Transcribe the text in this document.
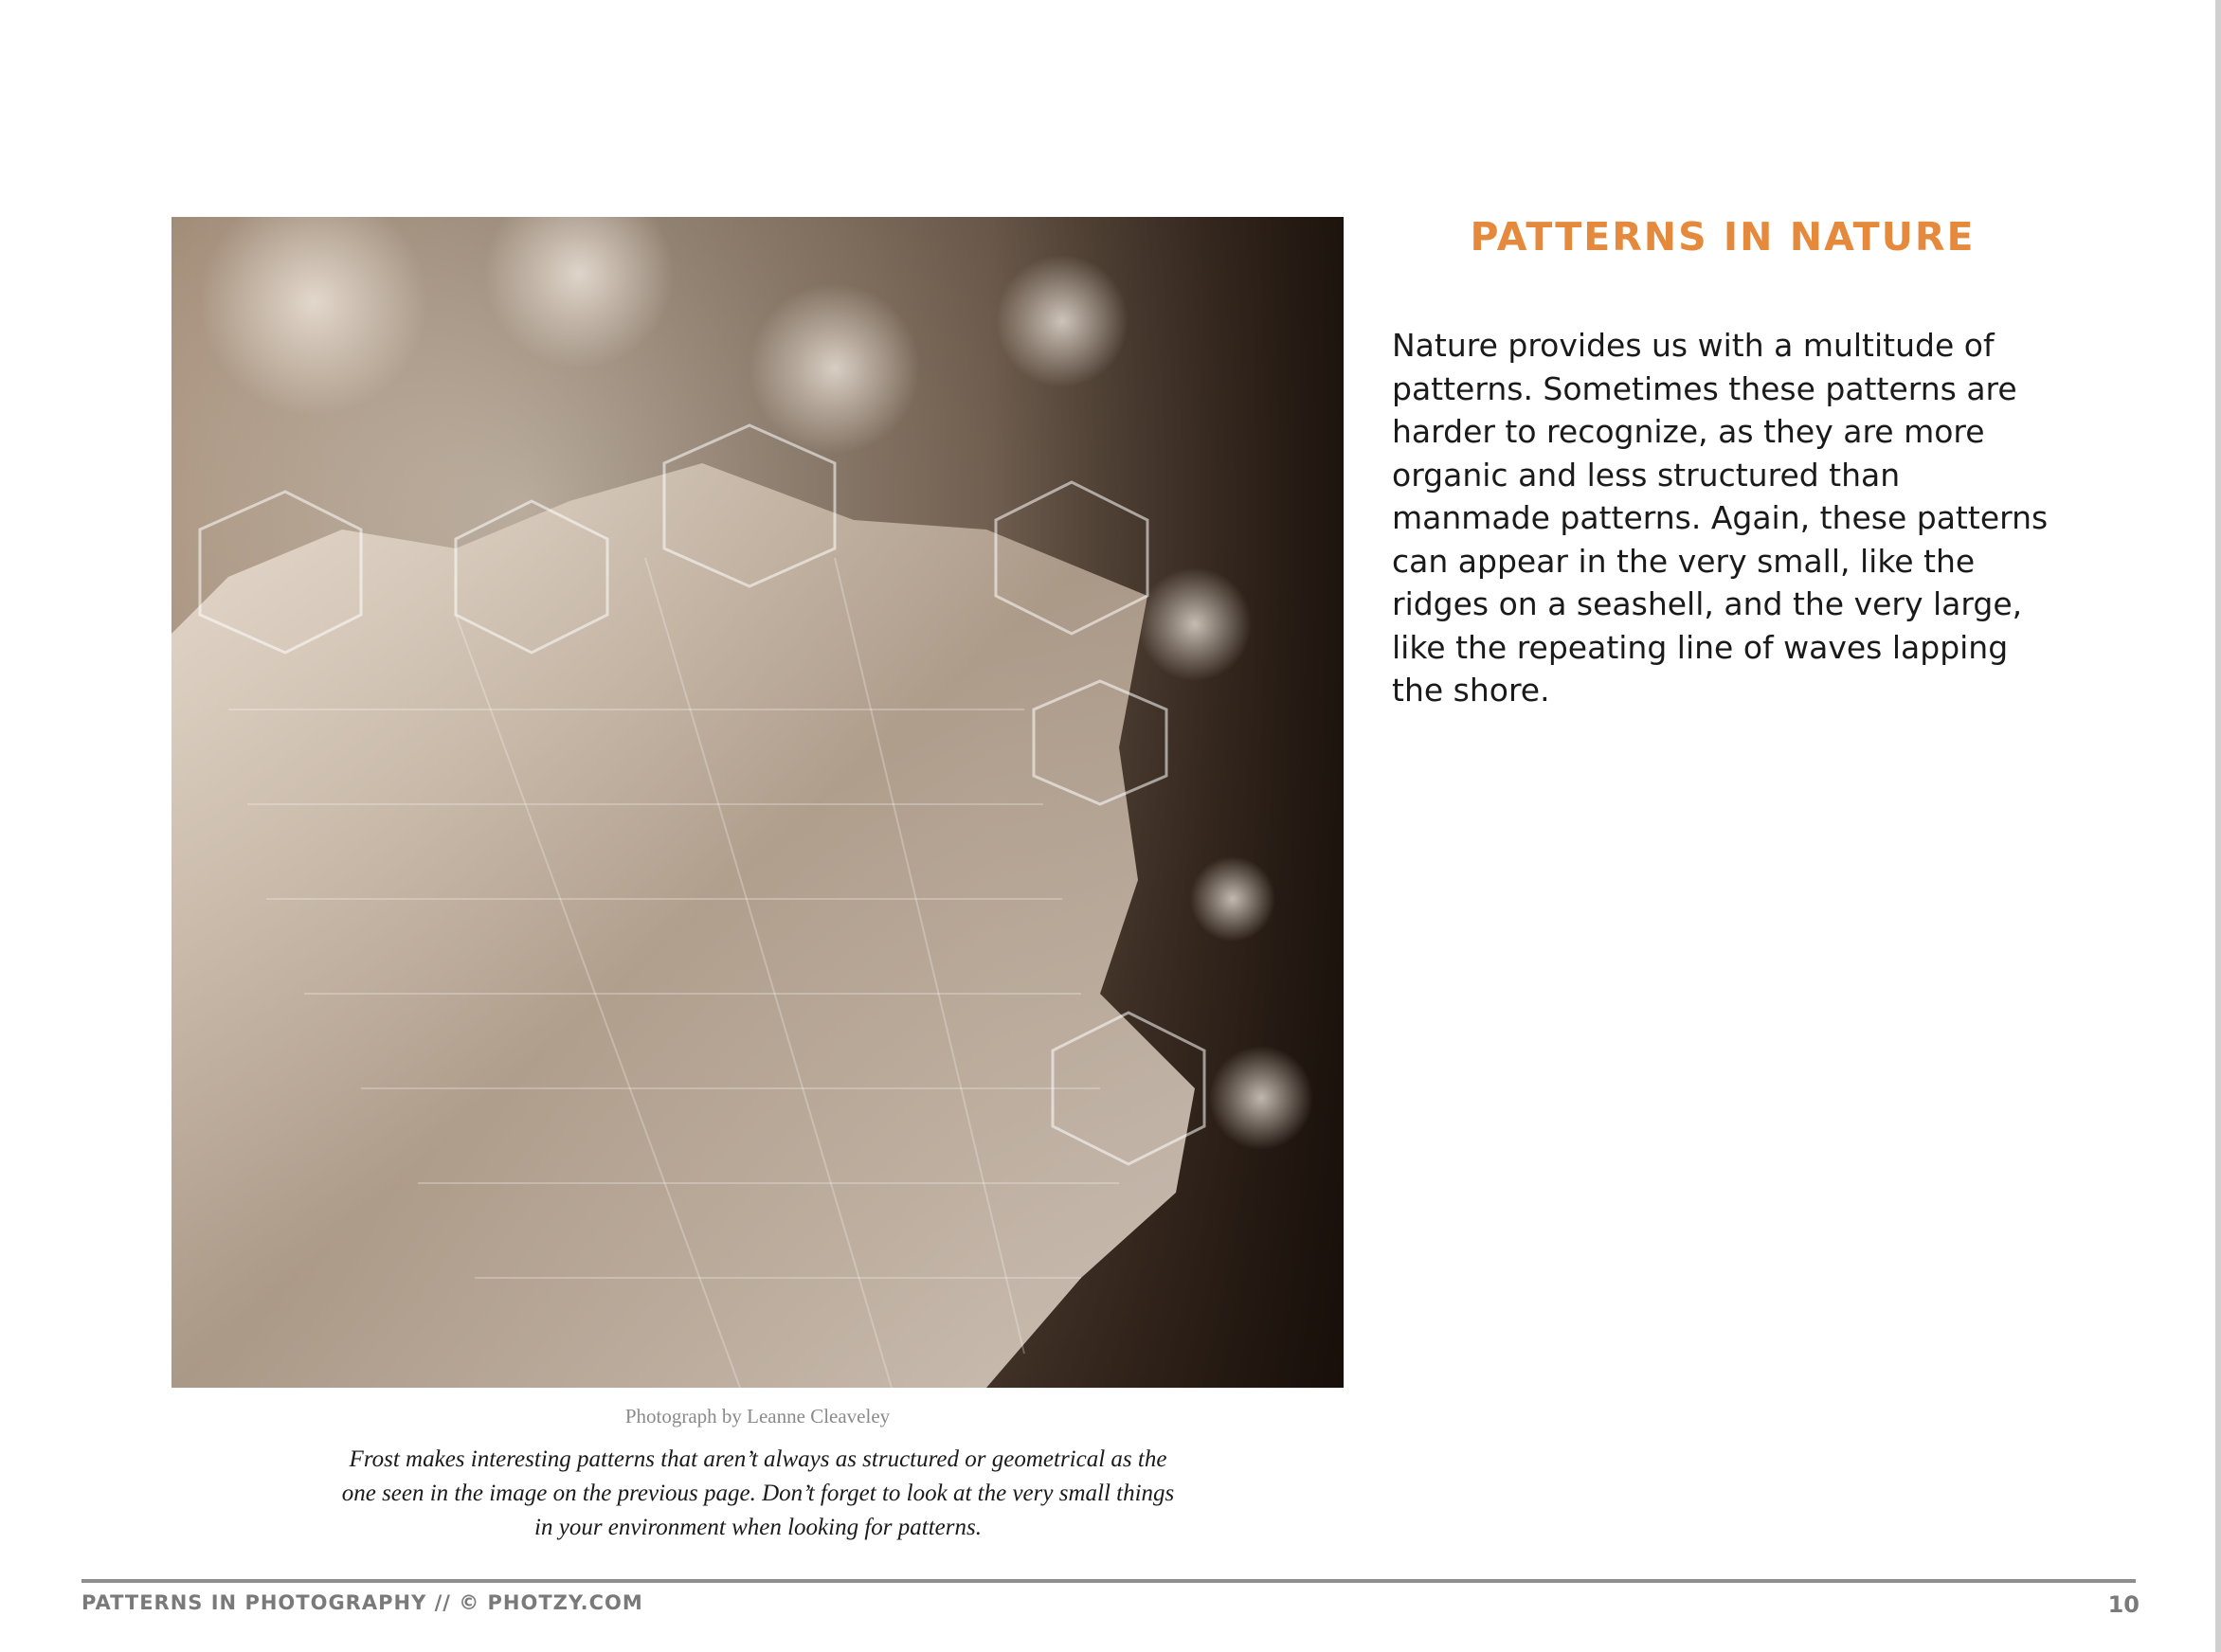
PATTERNS IN NATURE

Nature provides us with a multitude of patterns. Sometimes these patterns are harder to recognize, as they are more organic and less structured than manmade patterns. Again, these patterns can appear in the very small, like the ridges on a seashell, and the very large, like the repeating line of waves lapping the shore.

Photograph by Leanne Cleaveley
Frost makes interesting patterns that aren’t always as structured or geometrical as the one seen in the image on the previous page. Don’t forget to look at the very small things in your environment when looking for patterns.
PATTERNS IN PHOTOGRAPHY // © PHOTZY.COM	10
